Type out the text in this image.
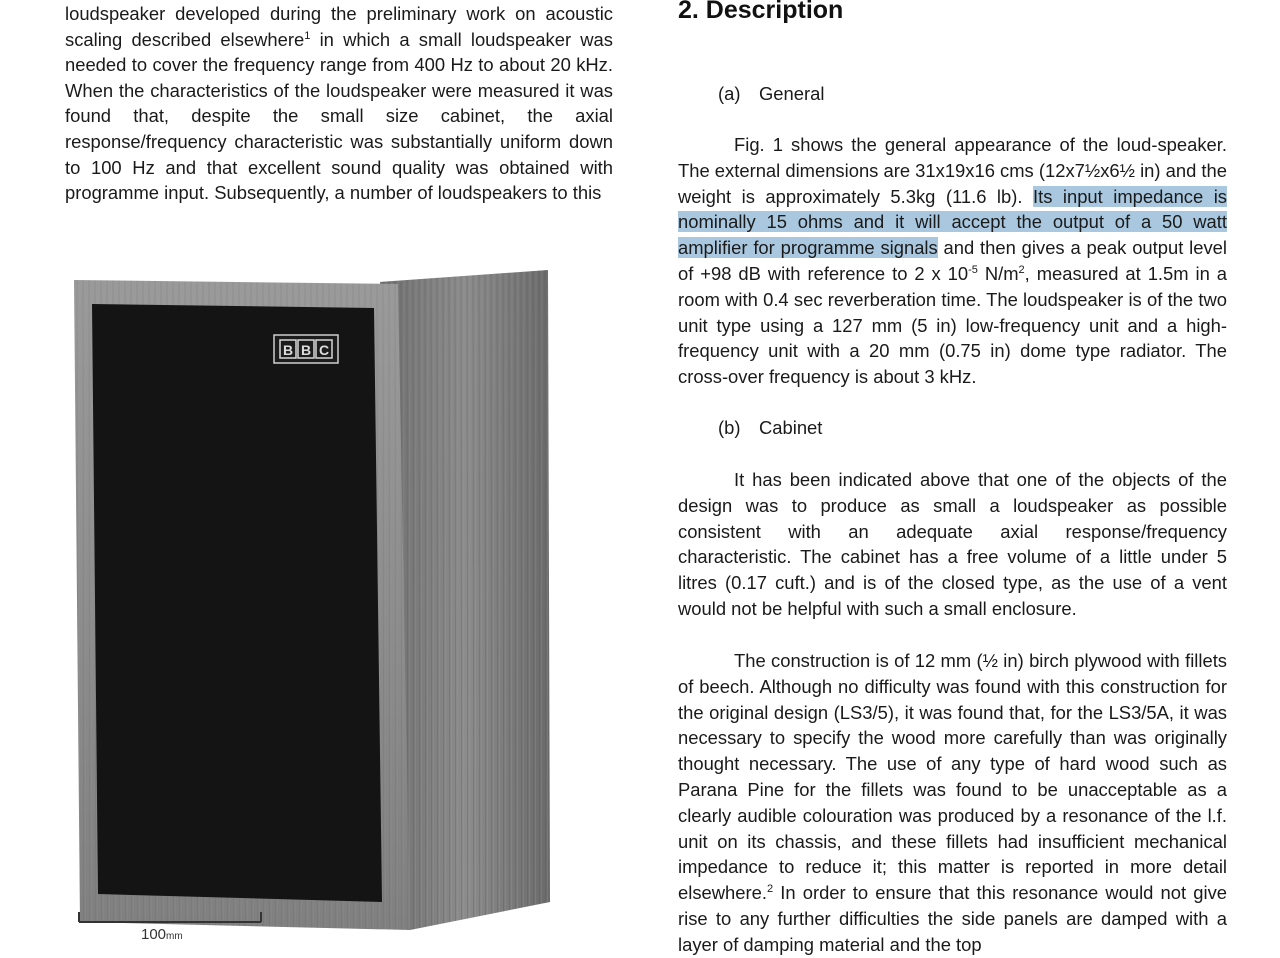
loudspeaker developed during the preliminary work on acoustic scaling described elsewhere$^1$ in which a small loudspeaker was needed to cover the frequency range from 400 Hz to about 20 kHz. When the characteristics of the loudspeaker were measured it was found that, despite the small size cabinet, the axial response/frequency characteristic was substantially uniform down to 100 Hz and that excellent sound quality was obtained with programme input. Subsequently, a number of loudspeakers to this
B B C
100mm
2. Description
(a) General

Fig. 1 shows the general appearance of the loud-speaker. The external dimensions are 31x19x16 cms (12x7½x6½ in) and the weight is approximately 5.3kg (11.6 lb). Its input impedance is nominally 15 ohms and it will accept the output of a 50 watt amplifier for programme signals and then gives a peak output level of +98 dB with reference to 2 x $10^{-5}$ $N/m^2$, measured at 1.5m in a room with 0.4 sec reverberation time. The loudspeaker is of the two unit type using a 127 mm (5 in) low-frequency unit and a high-frequency unit with a 20 mm (0.75 in) dome type radiator. The cross-over frequency is about 3 kHz.

(b) Cabinet

It has been indicated above that one of the objects of the design was to produce as small a loudspeaker as possible consistent with an adequate axial response/frequency characteristic. The cabinet has a free volume of a little under 5 litres (0.17 cuft.) and is of the closed type, as the use of a vent would not be helpful with such a small enclosure.

The construction is of 12 mm (½ in) birch plywood with fillets of beech. Although no difficulty was found with this construction for the original design (LS3/5), it was found that, for the LS3/5A, it was necessary to specify the wood more carefully than was originally thought necessary. The use of any type of hard wood such as Parana Pine for the fillets was found to be unacceptable as a clearly audible colouration was produced by a resonance of the l.f. unit on its chassis, and these fillets had insufficient mechanical impedance to reduce it; this matter is reported in more detail elsewhere.$^2$ In order to ensure that this resonance would not give rise to any further difficulties the side panels are damped with a layer of damping material and the top
